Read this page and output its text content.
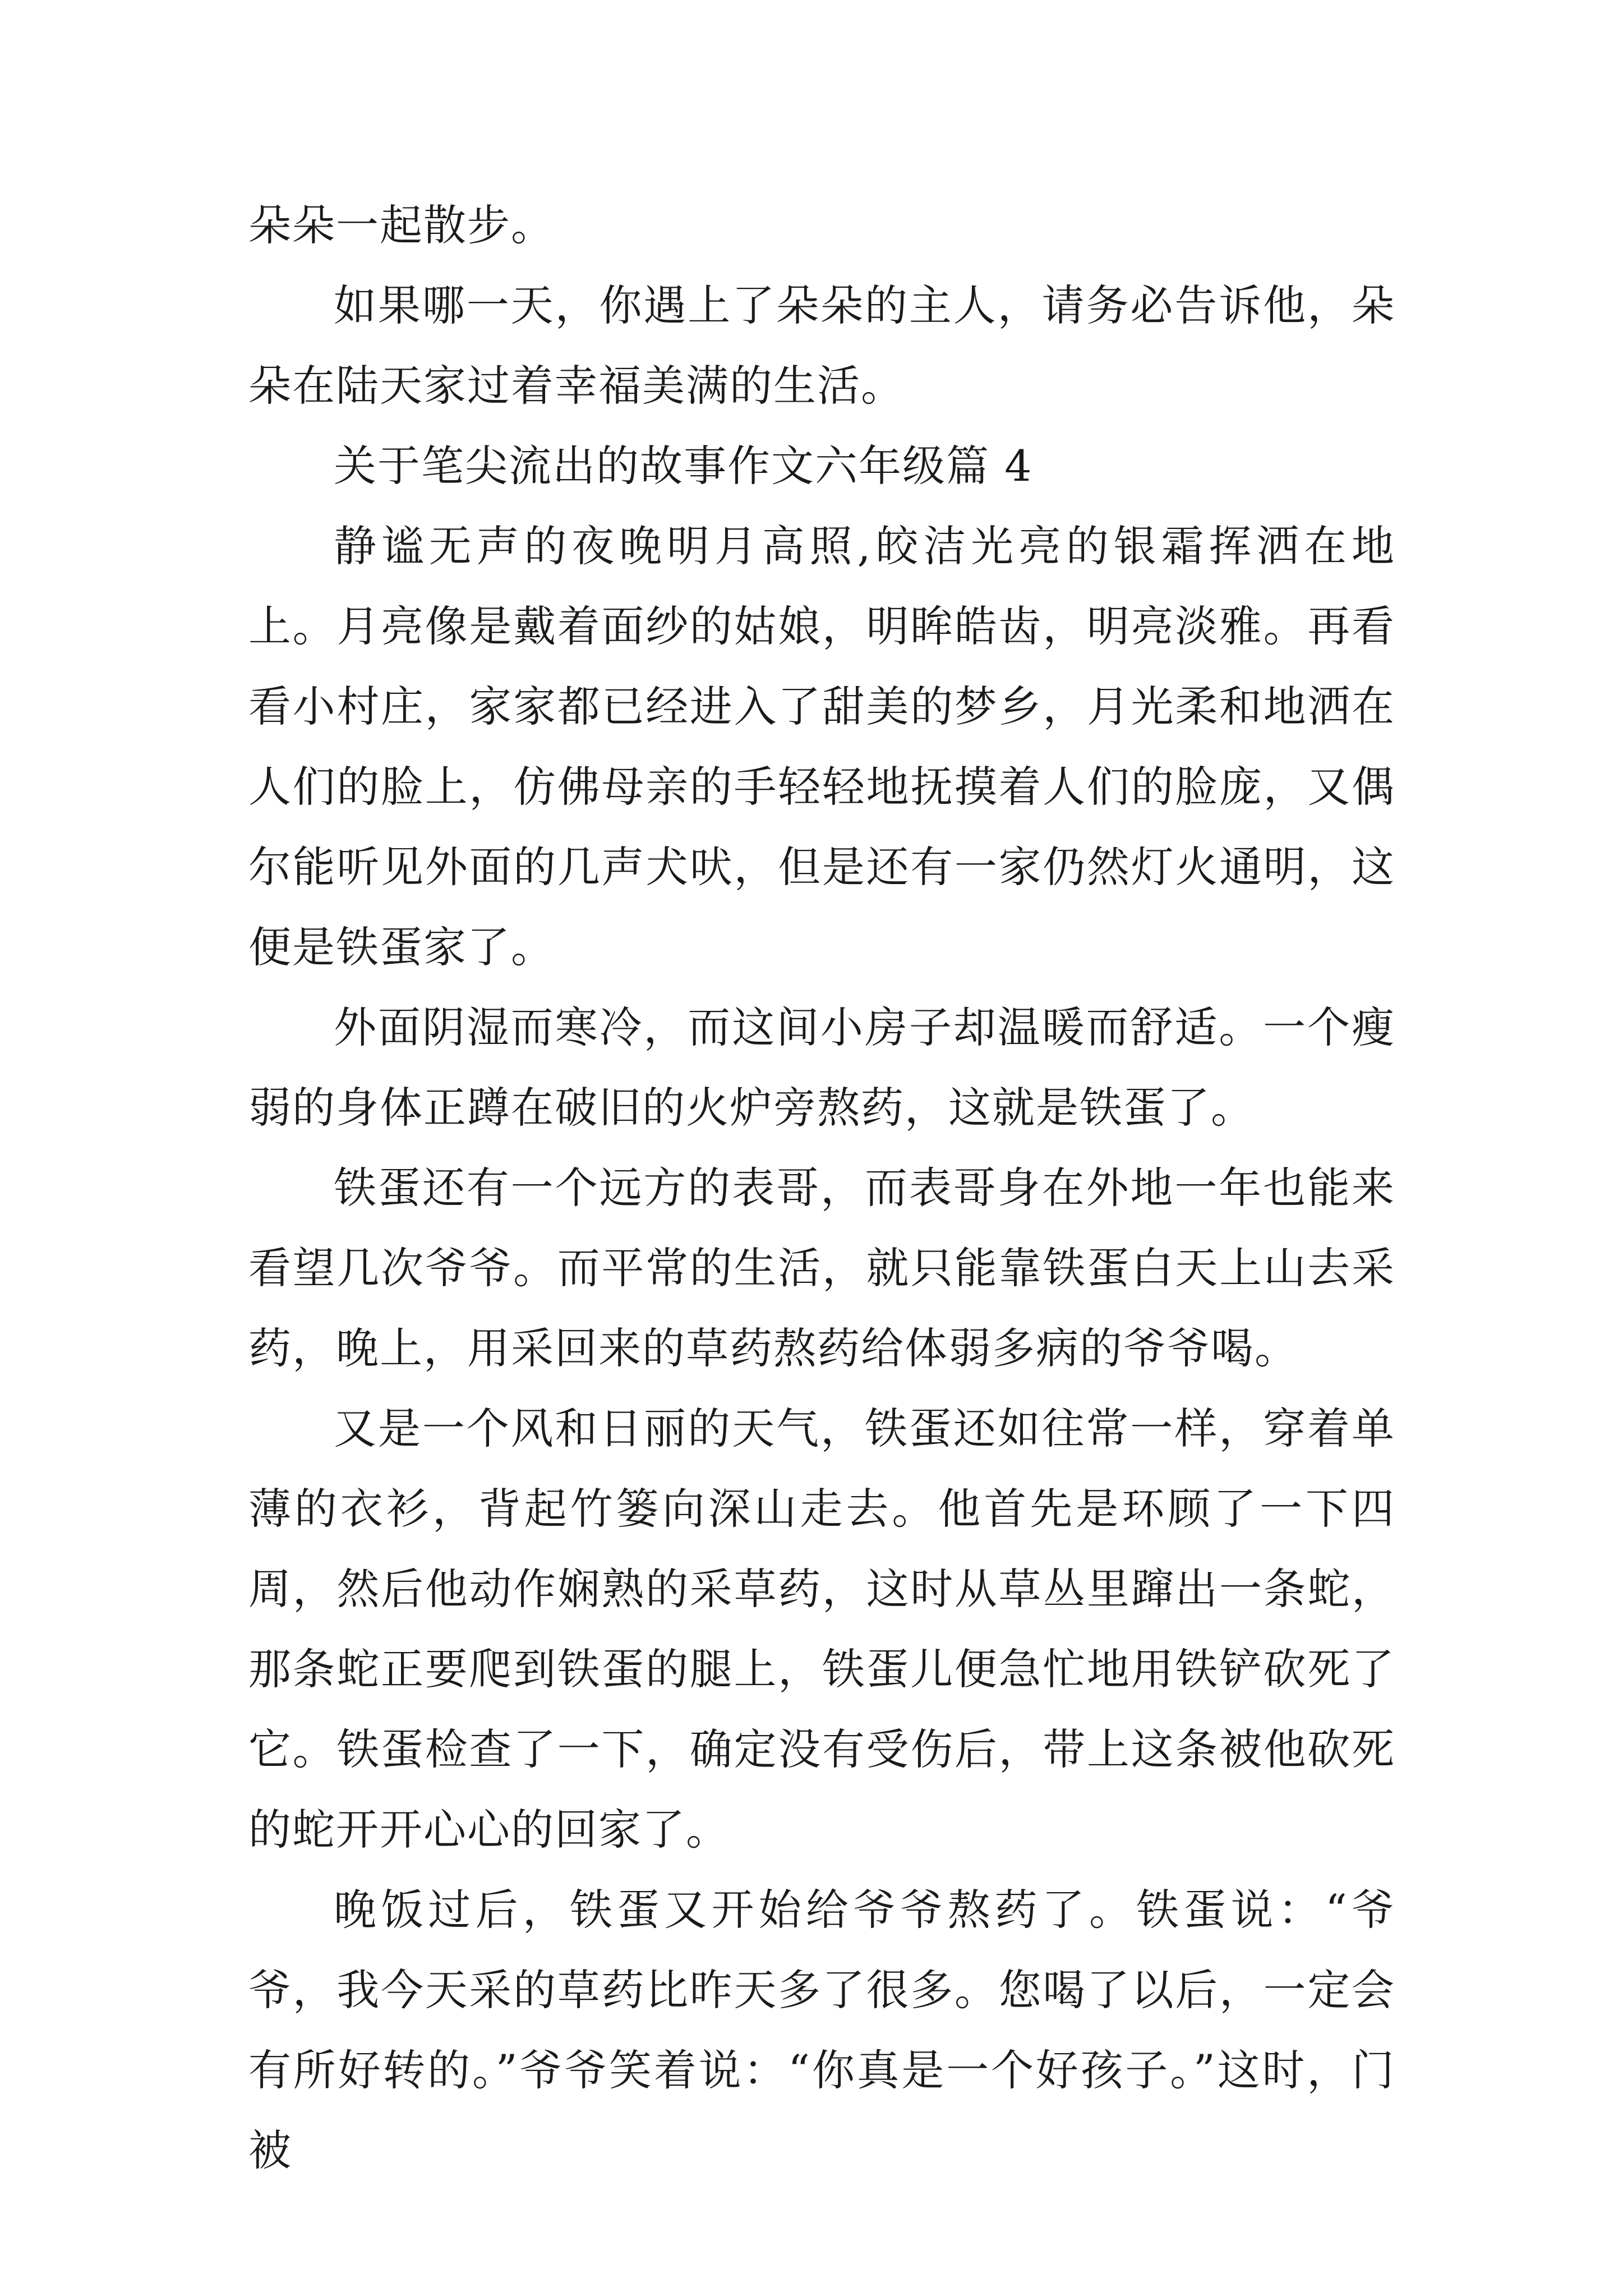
朵朵一起散步。

如果哪一天，你遇上了朵朵的主人，请务必告诉他，朵朵在陆天家过着幸福美满的生活。

关于笔尖流出的故事作文六年级篇 4

静谧无声的夜晚明月高照,皎洁光亮的银霜挥洒在地上。月亮像是戴着面纱的姑娘，明眸皓齿，明亮淡雅。再看看小村庄，家家都已经进入了甜美的梦乡，月光柔和地洒在人们的脸上，仿佛母亲的手轻轻地抚摸着人们的脸庞，又偶尔能听见外面的几声犬吠，但是还有一家仍然灯火通明，这便是铁蛋家了。

外面阴湿而寒冷，而这间小房子却温暖而舒适。一个瘦弱的身体正蹲在破旧的火炉旁熬药，这就是铁蛋了。

铁蛋还有一个远方的表哥，而表哥身在外地一年也能来看望几次爷爷。而平常的生活，就只能靠铁蛋白天上山去采药，晚上，用采回来的草药熬药给体弱多病的爷爷喝。

又是一个风和日丽的天气，铁蛋还如往常一样，穿着单薄的衣衫，背起竹篓向深山走去。他首先是环顾了一下四周，然后他动作娴熟的采草药，这时从草丛里蹿出一条蛇，那条蛇正要爬到铁蛋的腿上，铁蛋儿便急忙地用铁铲砍死了它。铁蛋检查了一下，确定没有受伤后，带上这条被他砍死的蛇开开心心的回家了。

晚饭过后，铁蛋又开始给爷爷熬药了。铁蛋说：“爷爷，我今天采的草药比昨天多了很多。您喝了以后，一定会有所好转的。”爷爷笑着说：“你真是一个好孩子。”这时，门被
